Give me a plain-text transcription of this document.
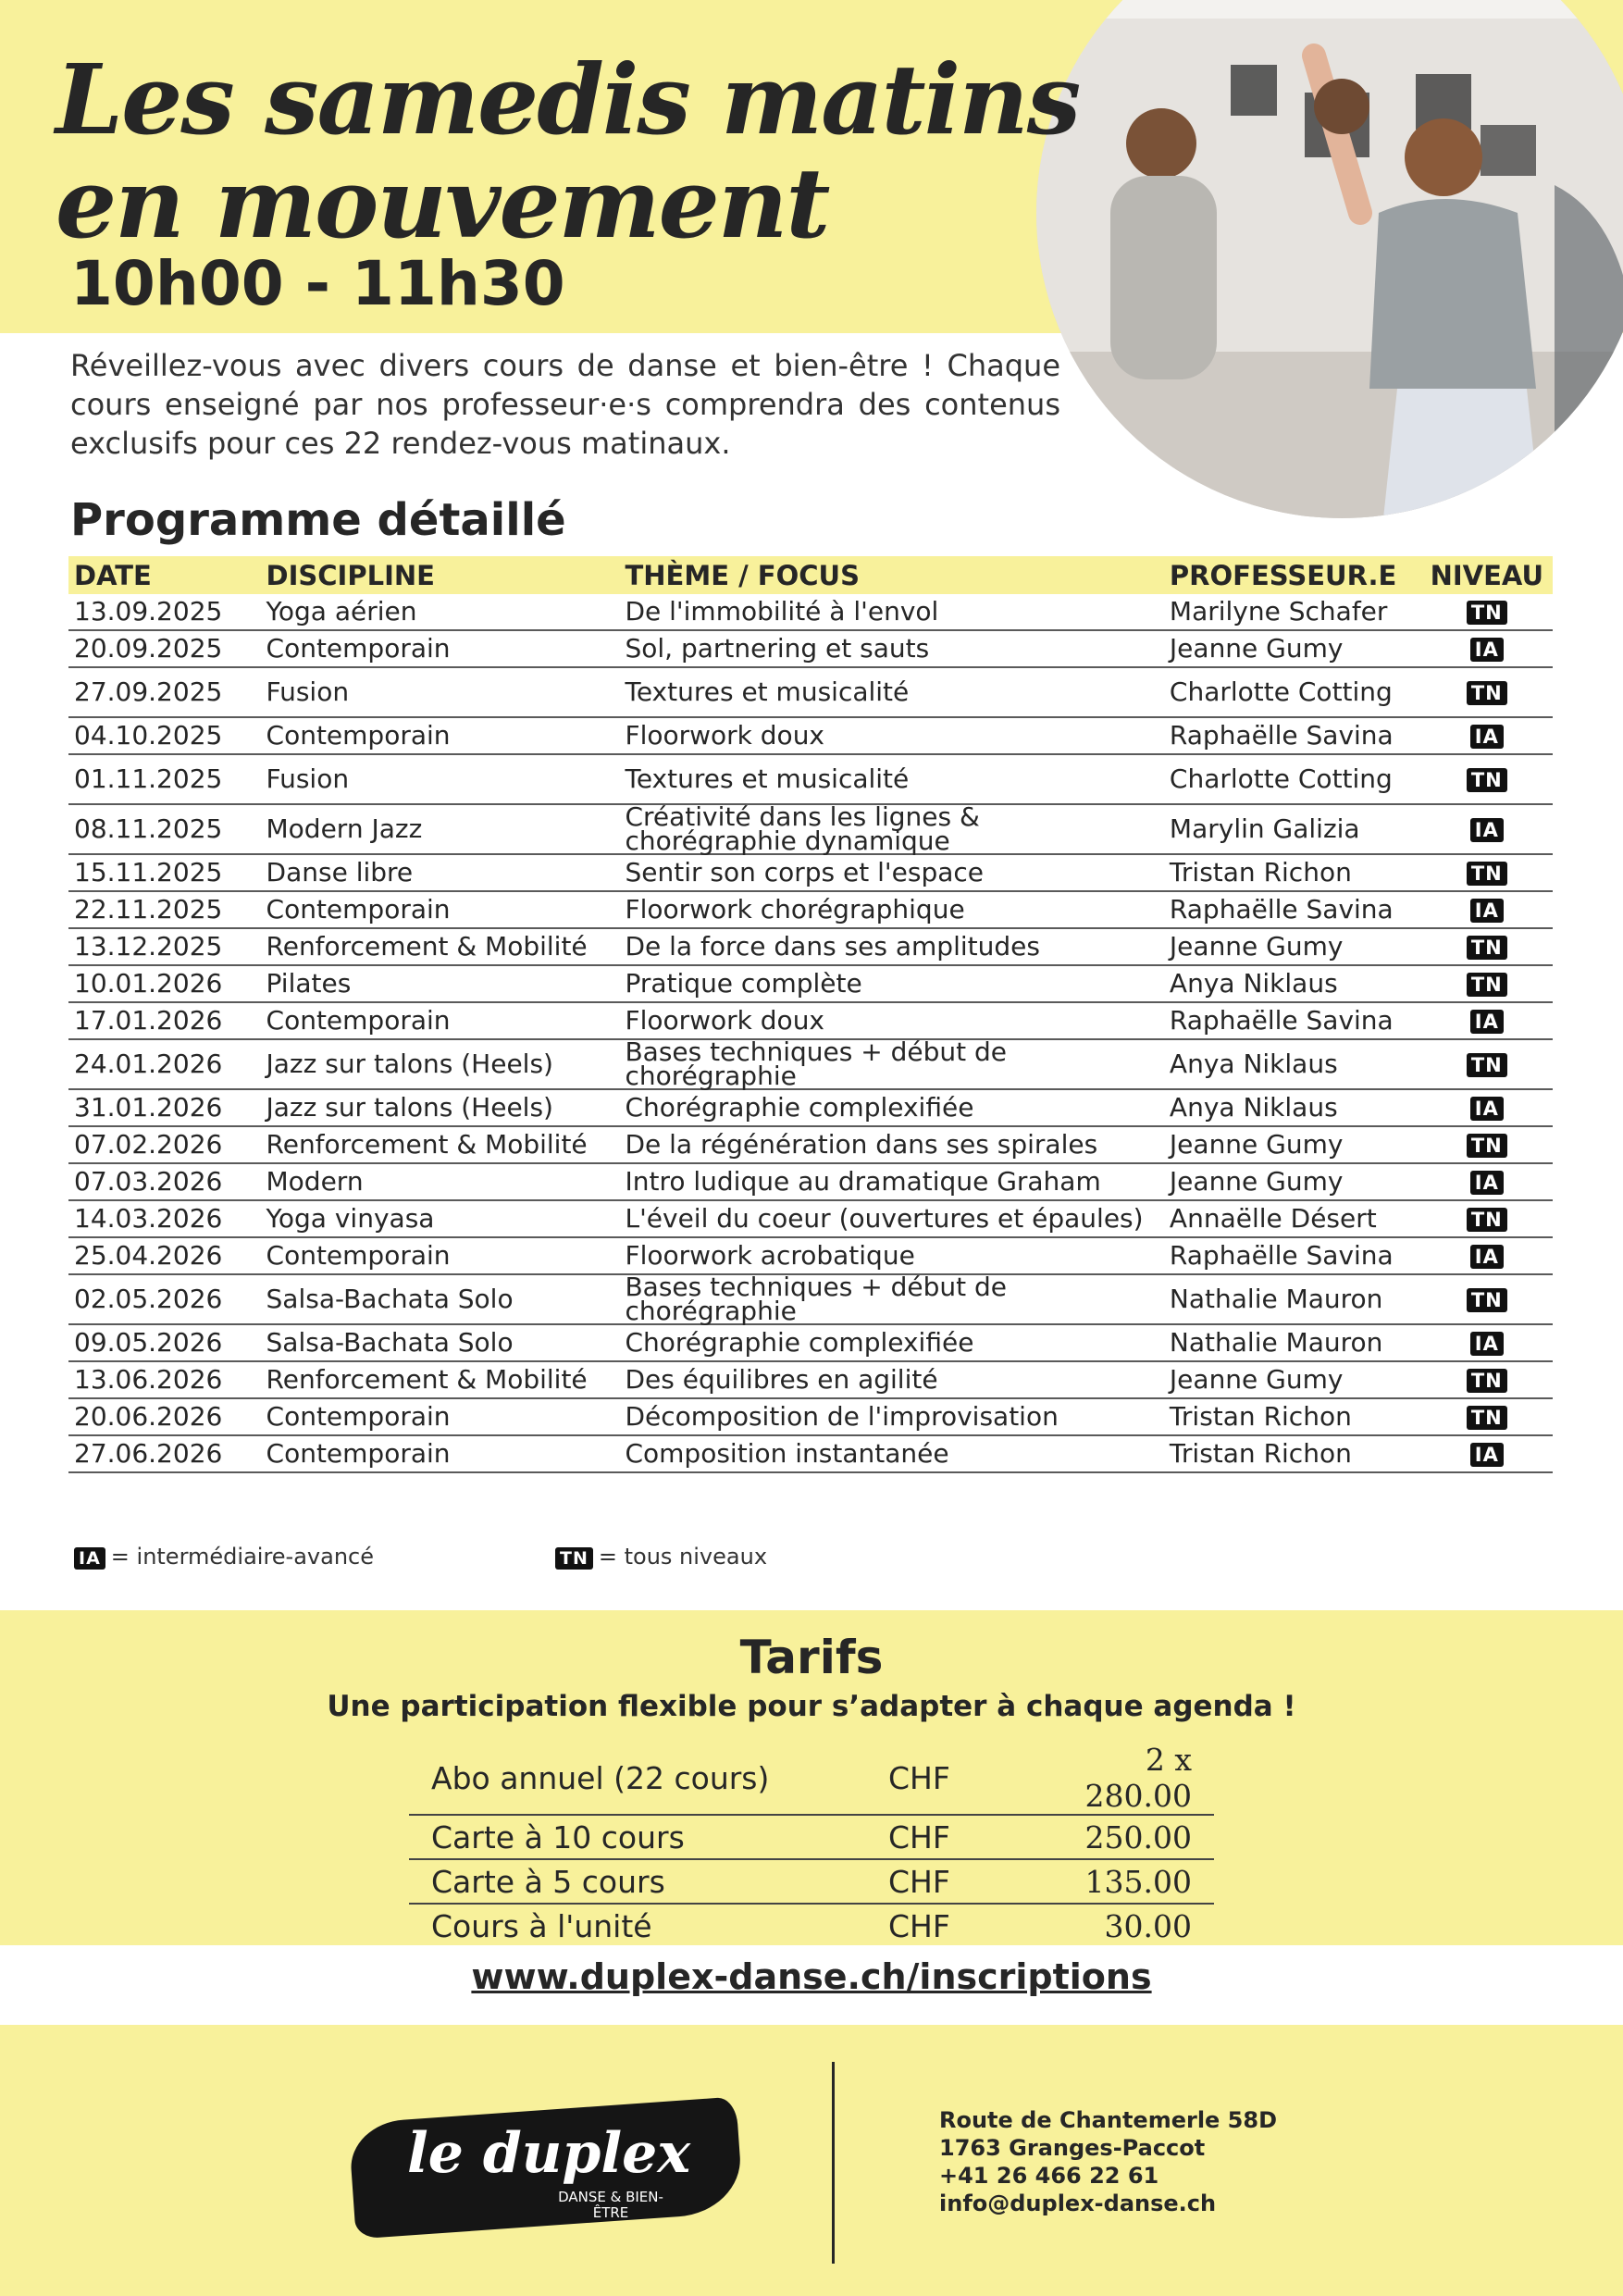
Les samedis matins
en mouvement
10h00 - 11h30

Réveillez-vous avec divers cours de danse et bien-être ! Chaque cours enseigné par nos professeur·e·s comprendra des contenus exclusifs pour ces 22 rendez-vous matinaux.

Programme détaillé
DATE	DISCIPLINE	THÈME / FOCUS	PROFESSEUR.E	NIVEAU
13.09.2025	Yoga aérien	De l'immobilité à l'envol	Marilyne Schafer	TN
20.09.2025	Contemporain	Sol, partnering et sauts	Jeanne Gumy	IA
27.09.2025	Fusion	Textures et musicalité	Charlotte Cotting	TN
04.10.2025	Contemporain	Floorwork doux	Raphaëlle Savina	IA
01.11.2025	Fusion	Textures et musicalité	Charlotte Cotting	TN
08.11.2025	Modern Jazz	Créativité dans les lignes & chorégraphie dynamique	Marylin Galizia	IA
15.11.2025	Danse libre	Sentir son corps et l'espace	Tristan Richon	TN
22.11.2025	Contemporain	Floorwork chorégraphique	Raphaëlle Savina	IA
13.12.2025	Renforcement & Mobilité	De la force dans ses amplitudes	Jeanne Gumy	TN
10.01.2026	Pilates	Pratique complète	Anya Niklaus	TN
17.01.2026	Contemporain	Floorwork doux	Raphaëlle Savina	IA
24.01.2026	Jazz sur talons (Heels)	Bases techniques + début de chorégraphie	Anya Niklaus	TN
31.01.2026	Jazz sur talons (Heels)	Chorégraphie complexifiée	Anya Niklaus	IA
07.02.2026	Renforcement & Mobilité	De la régénération dans ses spirales	Jeanne Gumy	TN
07.03.2026	Modern	Intro ludique au dramatique Graham	Jeanne Gumy	IA
14.03.2026	Yoga vinyasa	L'éveil du coeur (ouvertures et épaules)	Annaëlle Désert	TN
25.04.2026	Contemporain	Floorwork acrobatique	Raphaëlle Savina	IA
02.05.2026	Salsa-Bachata Solo	Bases techniques + début de chorégraphie	Nathalie Mauron	TN
09.05.2026	Salsa-Bachata Solo	Chorégraphie complexifiée	Nathalie Mauron	IA
13.06.2026	Renforcement & Mobilité	Des équilibres en agilité	Jeanne Gumy	TN
20.06.2026	Contemporain	Décomposition de l'improvisation	Tristan Richon	TN
27.06.2026	Contemporain	Composition instantanée	Tristan Richon	IA
IA = intermédiaire-avancé	TN = tous niveaux
Tarifs
Une participation flexible pour s’adapter à chaque agenda !
Abo annuel (22 cours)	CHF	2 x 280.00
Carte à 10 cours	CHF	250.00
Carte à 5 cours	CHF	135.00
Cours à l'unité	CHF	30.00
www.duplex-danse.ch/inscriptions
le duplex
DANSE & BIEN-ÊTRE
Route de Chantemerle 58D
1763 Granges-Paccot
+41 26 466 22 61
info@duplex-danse.ch
